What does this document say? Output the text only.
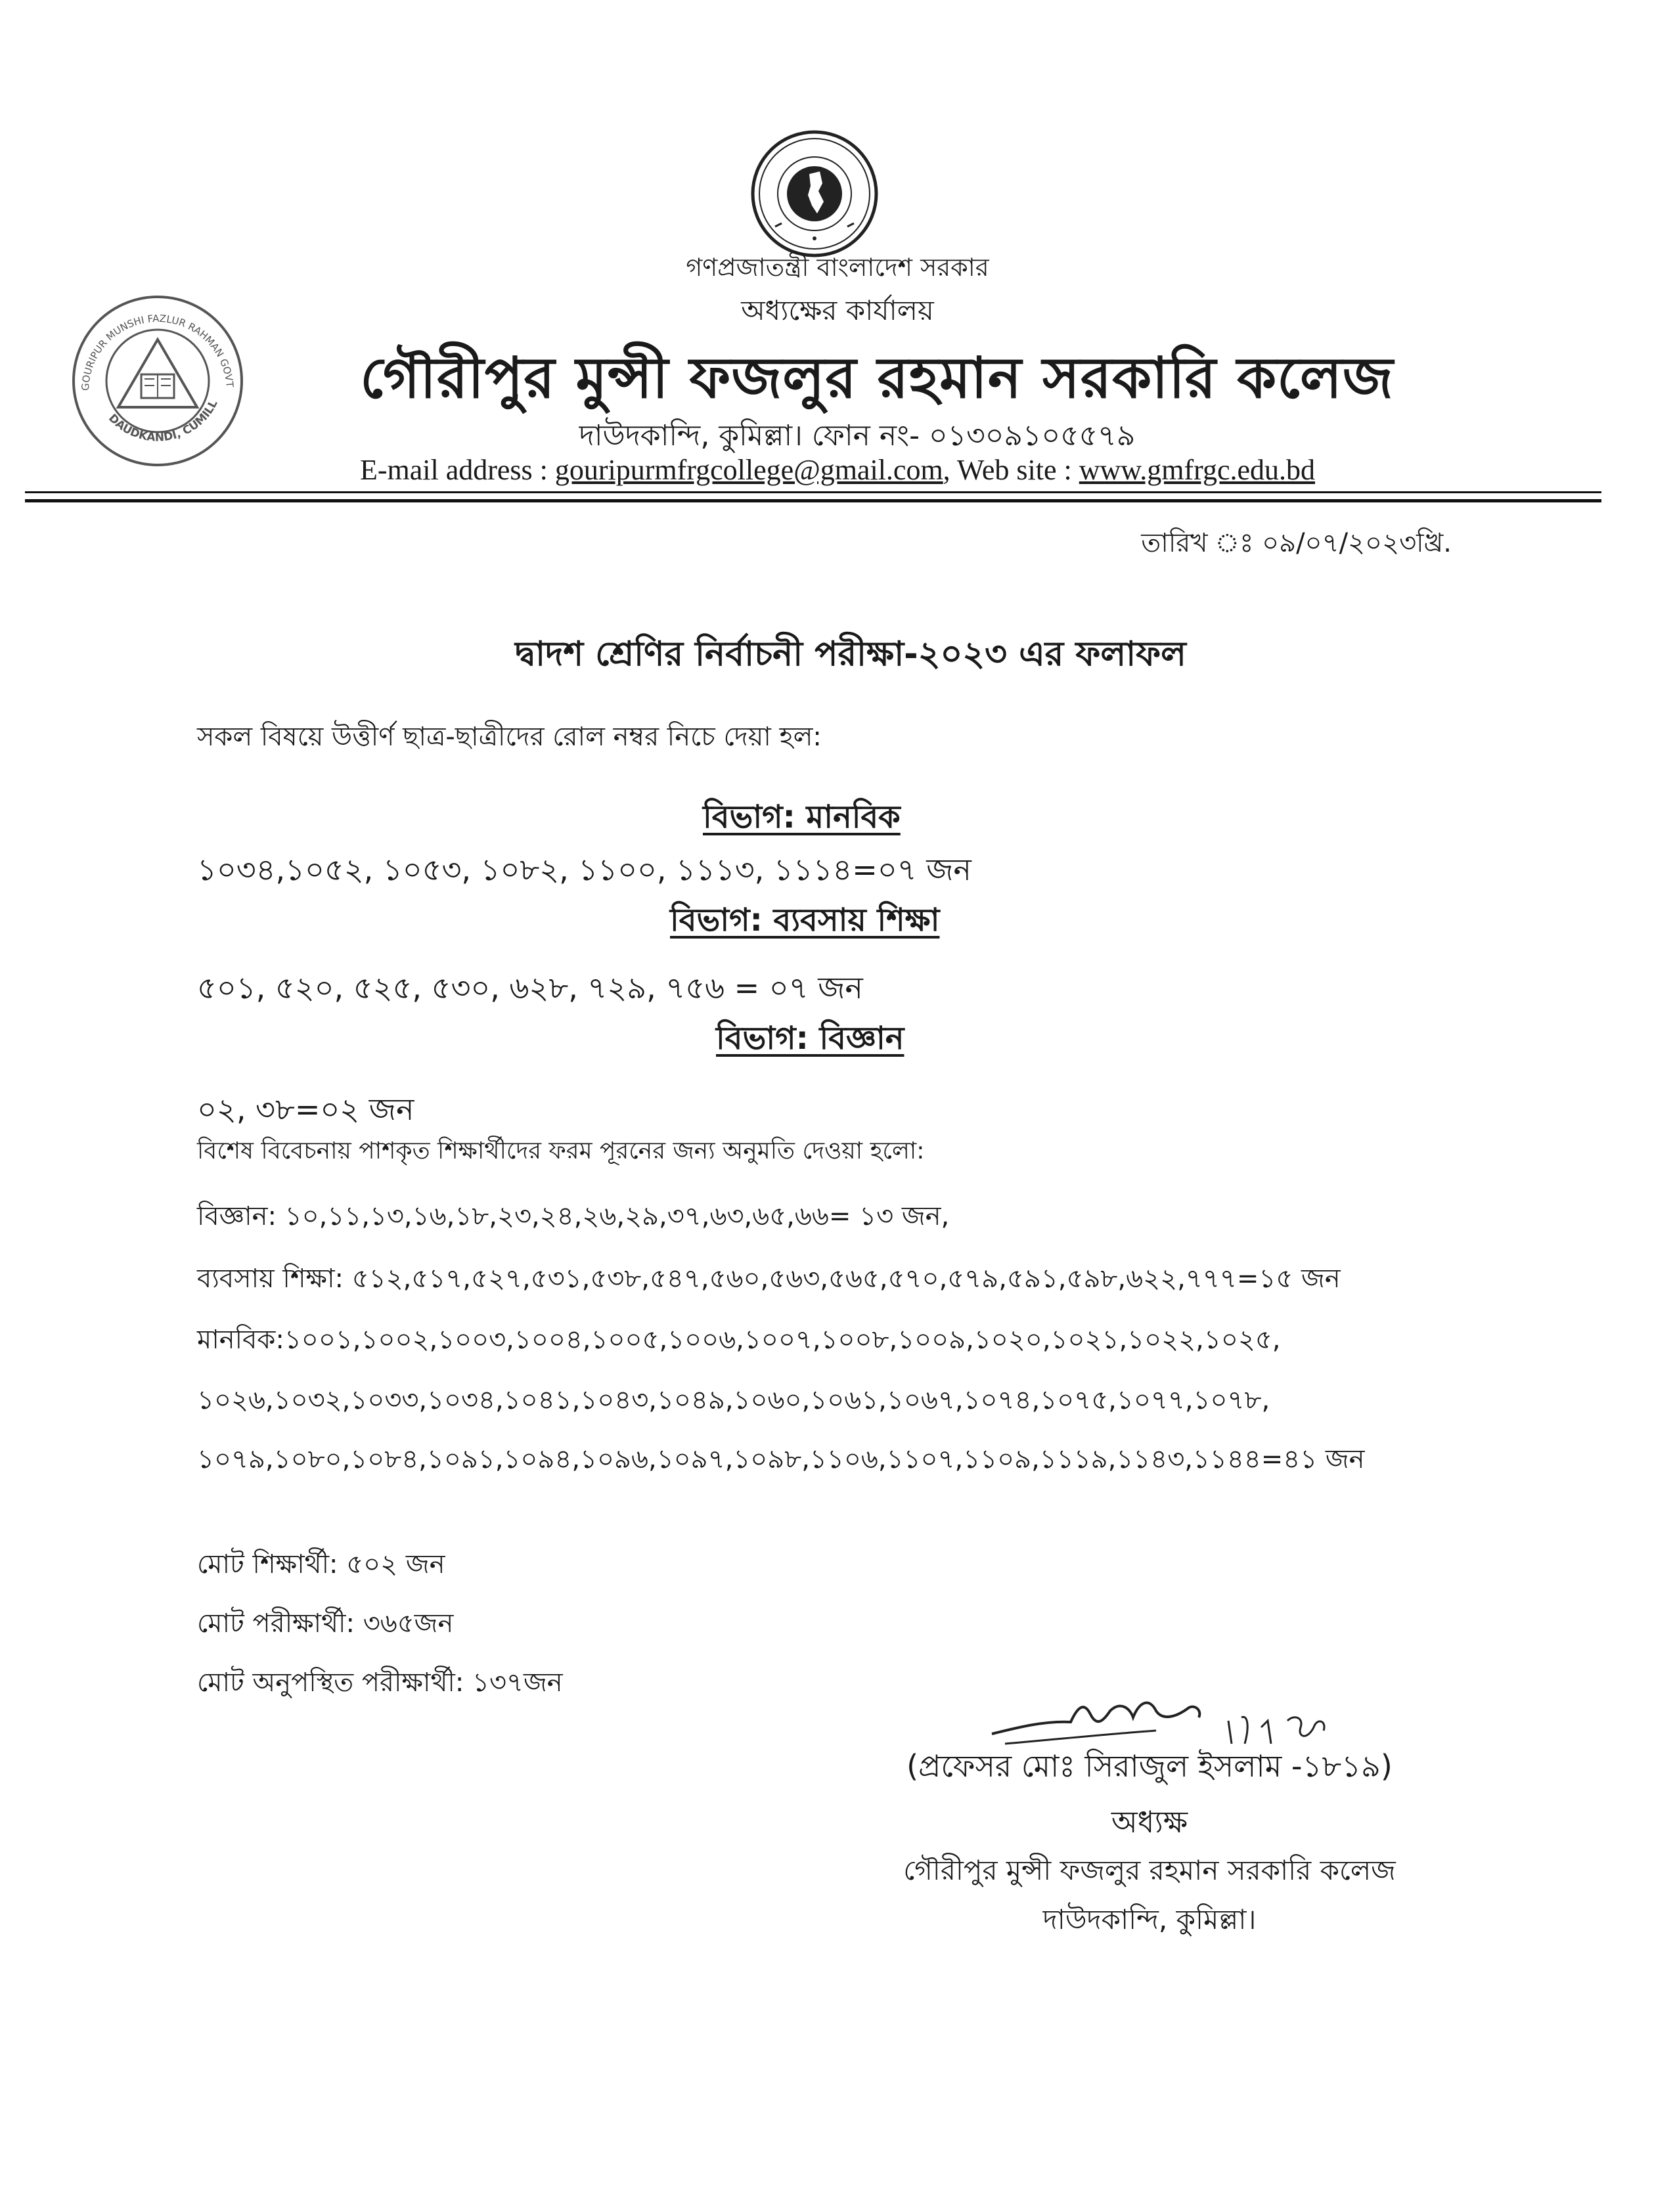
GOURIPUR MUNSHI FAZLUR RAHMAN GOVT
DAUDKANDI, CUMILL
গণপ্রজাতন্ত্রী বাংলাদেশ সরকার
অধ্যক্ষের কার্যালয়
গৌরীপুর মুন্সী ফজলুর রহমান সরকারি কলেজ
দাউদকান্দি, কুমিল্লা। ফোন নং- ০১৩০৯১০৫৫৭৯
E-mail address : gouripurmfrgcollege@gmail.com, Web site : www.gmfrgc.edu.bd
তারিখ ঃ ০৯/০৭/২০২৩খ্রি.
দ্বাদশ শ্রেণির নির্বাচনী পরীক্ষা-২০২৩ এর ফলাফল
সকল বিষয়ে উত্তীর্ণ ছাত্র-ছাত্রীদের রোল নম্বর নিচে দেয়া হল:
বিভাগ: মানবিক
১০৩৪,১০৫২, ১০৫৩, ১০৮২, ১১০০, ১১১৩, ১১১৪=০৭ জন
বিভাগ: ব্যবসায় শিক্ষা
৫০১, ৫২০, ৫২৫, ৫৩০, ৬২৮, ৭২৯, ৭৫৬ = ০৭ জন
বিভাগ: বিজ্ঞান
০২, ৩৮=০২ জন
বিশেষ বিবেচনায় পাশকৃত শিক্ষার্থীদের ফরম পূরনের জন্য অনুমতি দেওয়া হলো:
বিজ্ঞান: ১০,১১,১৩,১৬,১৮,২৩,২৪,২৬,২৯,৩৭,৬৩,৬৫,৬৬= ১৩ জন,
ব্যবসায় শিক্ষা: ৫১২,৫১৭,৫২৭,৫৩১,৫৩৮,৫৪৭,৫৬০,৫৬৩,৫৬৫,৫৭০,৫৭৯,৫৯১,৫৯৮,৬২২,৭৭৭=১৫ জন
মানবিক:১০০১,১০০২,১০০৩,১০০৪,১০০৫,১০০৬,১০০৭,১০০৮,১০০৯,১০২০,১০২১,১০২২,১০২৫,
১০২৬,১০৩২,১০৩৩,১০৩৪,১০৪১,১০৪৩,১০৪৯,১০৬০,১০৬১,১০৬৭,১০৭৪,১০৭৫,১০৭৭,১০৭৮,
১০৭৯,১০৮০,১০৮৪,১০৯১,১০৯৪,১০৯৬,১০৯৭,১০৯৮,১১০৬,১১০৭,১১০৯,১১১৯,১১৪৩,১১৪৪=৪১ জন
মোট শিক্ষার্থী: ৫০২ জন
মোট পরীক্ষার্থী: ৩৬৫জন
মোট অনুপস্থিত পরীক্ষার্থী: ১৩৭জন
(প্রফেসর মোঃ সিরাজুল ইসলাম -১৮১৯)
অধ্যক্ষ
গৌরীপুর মুন্সী ফজলুর রহমান সরকারি কলেজ
দাউদকান্দি, কুমিল্লা।
